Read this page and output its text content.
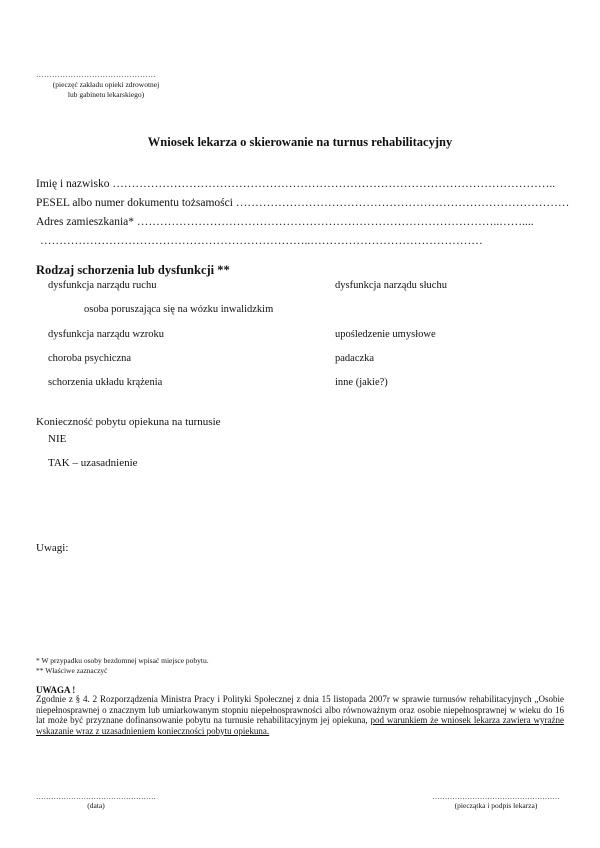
………………………………………
(pieczęć zakładu opieki zdrowotnej
lub gabinetu lekarskiego)
Wniosek lekarza o skierowanie na turnus rehabilitacyjny
Imię i nazwisko ……………………………………………………………………………………………………..
PESEL albo numer dokumentu tożsamości ……………………………………………………………………………
Adres zamieszkania* …………………………………………………………………………………..……....
……………………………………………………………..………………………………………
Rodzaj schorzenia lub dysfunkcji **
dysfunkcja narządu ruchu
osoba poruszająca się na wózku inwalidzkim
dysfunkcja narządu wzroku
choroba psychiczna
schorzenia układu krążenia
dysfunkcja narządu słuchu
upośledzenie umysłowe
padaczka
inne (jakie?)
Konieczność pobytu opiekuna na turnusie
NIE
TAK – uzasadnienie
Uwagi:
* W przypadku osoby bezdomnej wpisać miejsce pobytu.
** Właściwe zaznaczyć
UWAGA !
Zgodnie z § 4. 2 Rozporządzenia Ministra Pracy i Polityki Społecznej z dnia 15 listopada 2007r w sprawie turnusów rehabilitacyjnych „Osobie niepełnosprawnej o znacznym lub umiarkowanym stopniu niepełnosprawności albo równoważnym oraz osobie niepełnosprawnej w wieku do 16 lat może być przyznane dofinansowanie pobytu na turnusie rehabilitacyjnym jej opiekuna, pod warunkiem że wniosek lekarza zawiera wyraźne wskazanie wraz z uzasadnieniem konieczności pobytu opiekuna.
…………………………………………
(data)
……………………………………………
(pieczątka i podpis lekarza)
